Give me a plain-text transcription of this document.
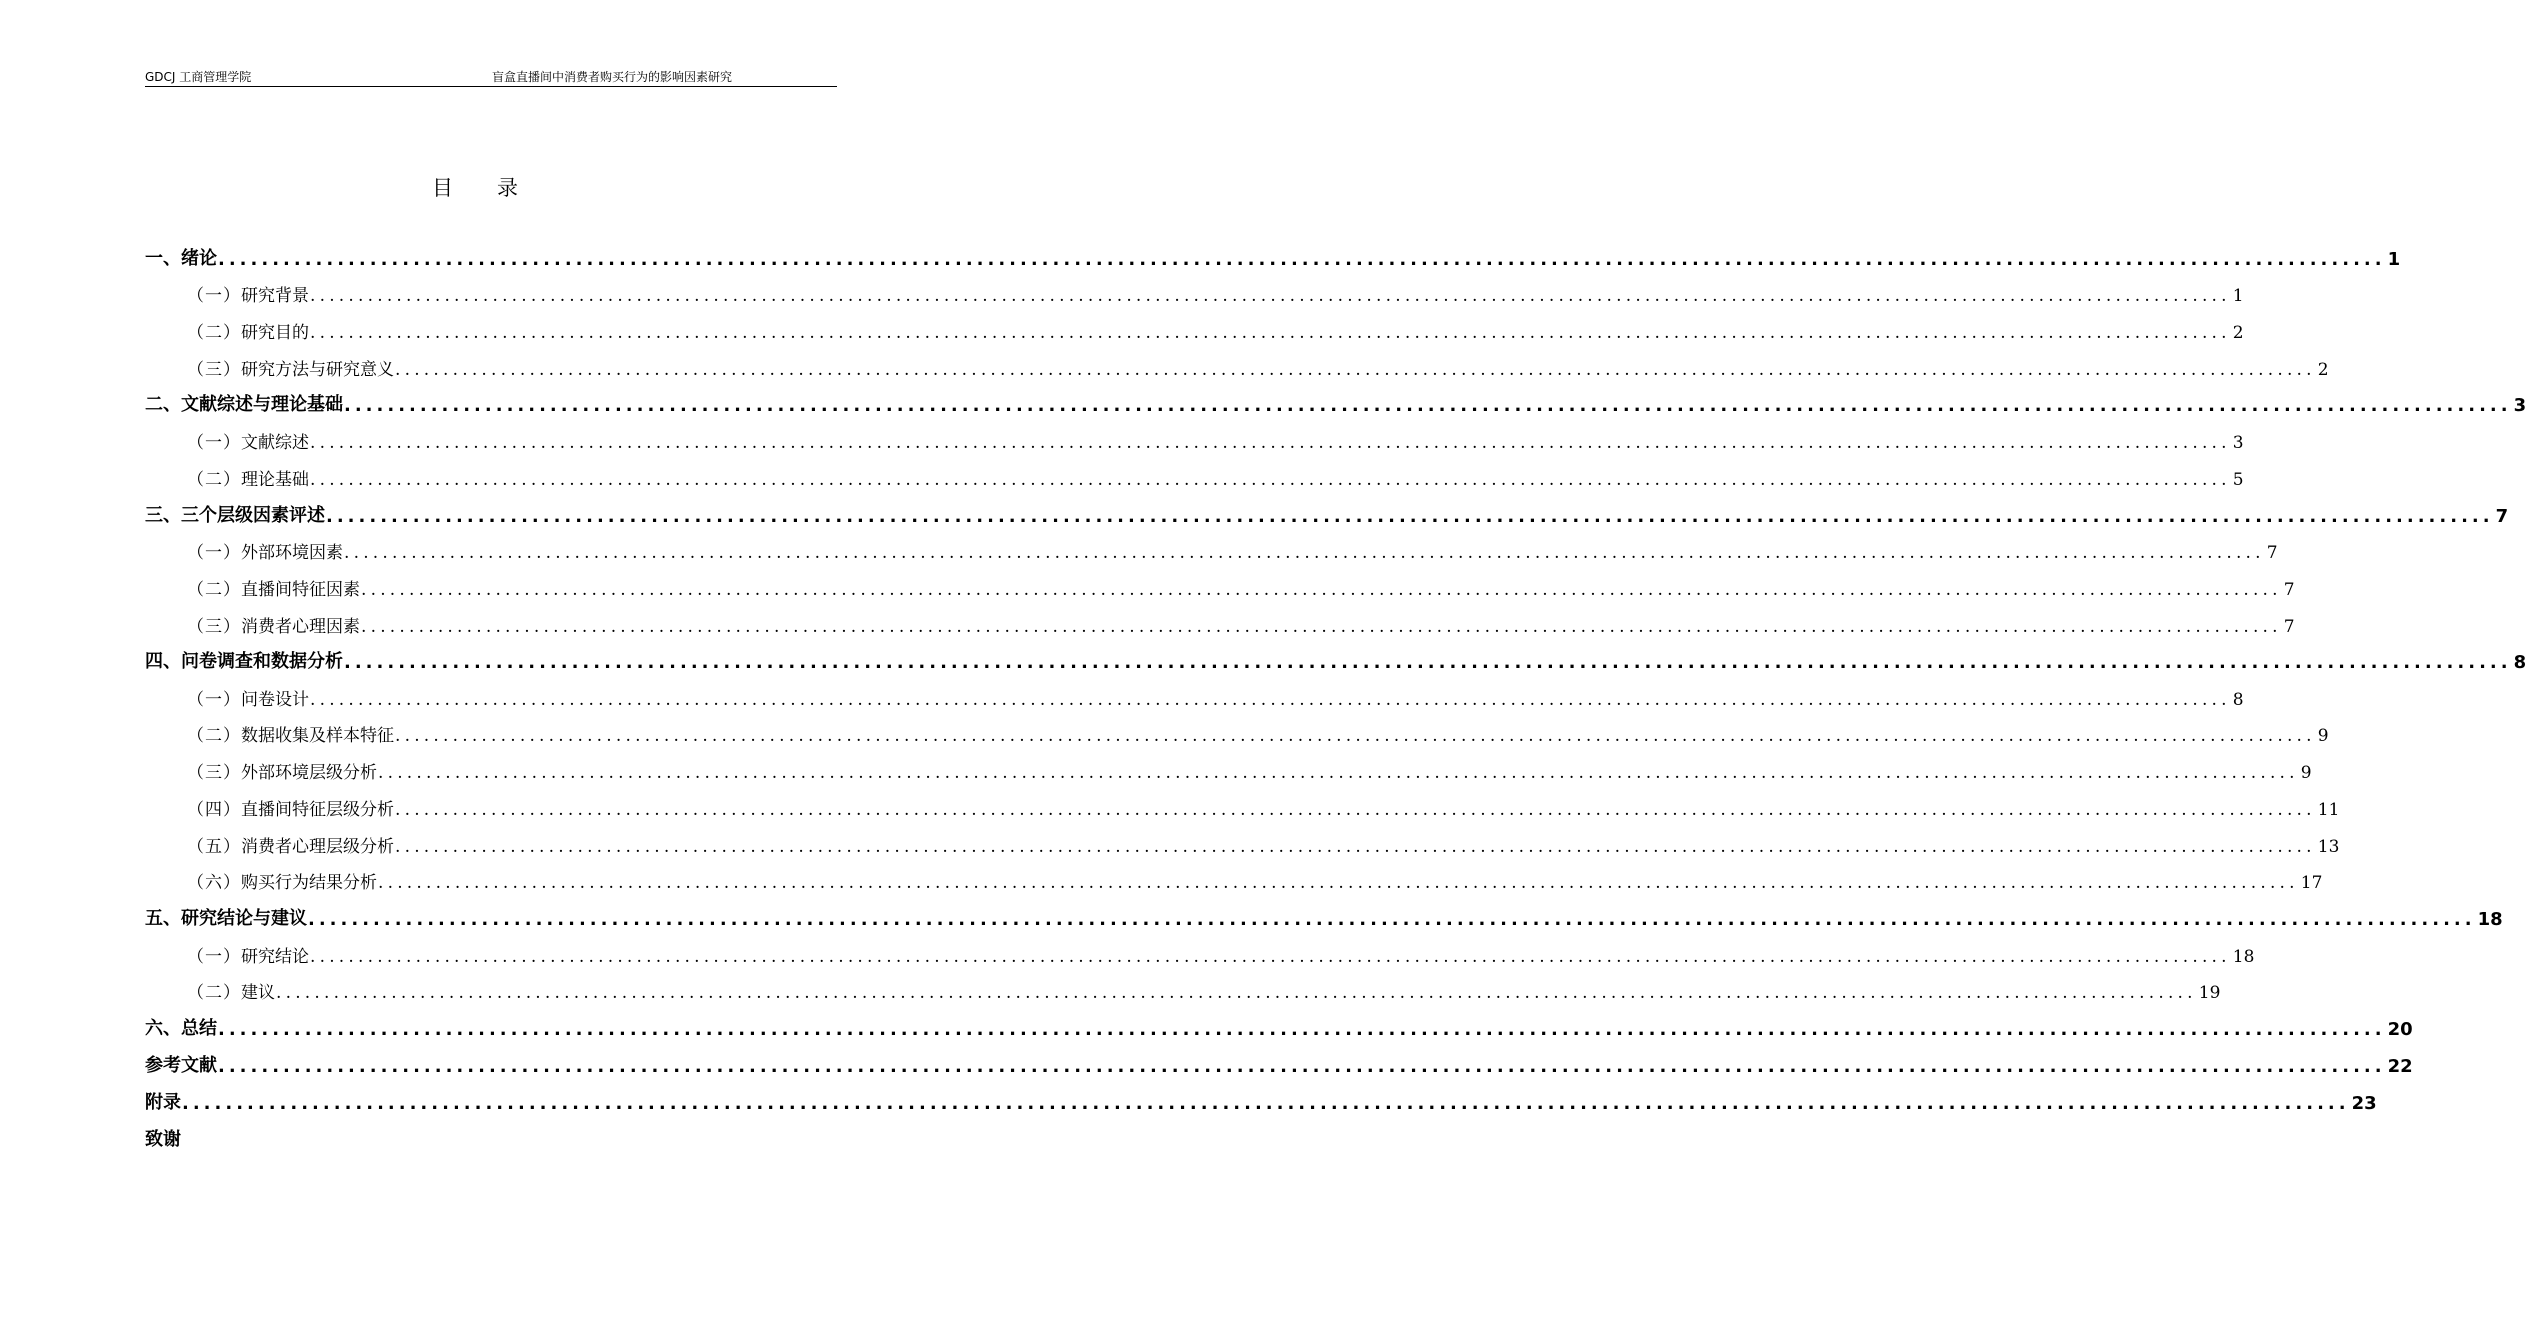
GDCJ 工商管理学院	盲盒直播间中消费者购买行为的影响因素研究
目录
一、 绪论 ........................................................................................................................................................................................................ 1
（一） 研究背景 ........................................................................................................................................................................................................ 1
（二） 研究目的 ........................................................................................................................................................................................................ 2
（三） 研究方法与研究意义 ........................................................................................................................................................................................................ 2
二、 文献综述与理论基础 ........................................................................................................................................................................................................ 3
（一） 文献综述 ........................................................................................................................................................................................................ 3
（二） 理论基础 ........................................................................................................................................................................................................ 5
三、 三个层级因素评述 ........................................................................................................................................................................................................ 7
（一） 外部环境因素 ........................................................................................................................................................................................................ 7
（二） 直播间特征因素 ........................................................................................................................................................................................................ 7
（三） 消费者心理因素 ........................................................................................................................................................................................................ 7
四、 问卷调查和数据分析 ........................................................................................................................................................................................................ 8
（一） 问卷设计 ........................................................................................................................................................................................................ 8
（二） 数据收集及样本特征 ........................................................................................................................................................................................................ 9
（三） 外部环境层级分析 ........................................................................................................................................................................................................ 9
（四） 直播间特征层级分析 ........................................................................................................................................................................................................ 11
（五） 消费者心理层级分析 ........................................................................................................................................................................................................ 13
（六） 购买行为结果分析 ........................................................................................................................................................................................................ 17
五、 研究结论与建议 ........................................................................................................................................................................................................ 18
（一） 研究结论 ........................................................................................................................................................................................................ 18
（二） 建议 ........................................................................................................................................................................................................ 19
六、 总结 ........................................................................................................................................................................................................ 20
参考文献 ........................................................................................................................................................................................................ 22
附录 ........................................................................................................................................................................................................ 23
致谢
